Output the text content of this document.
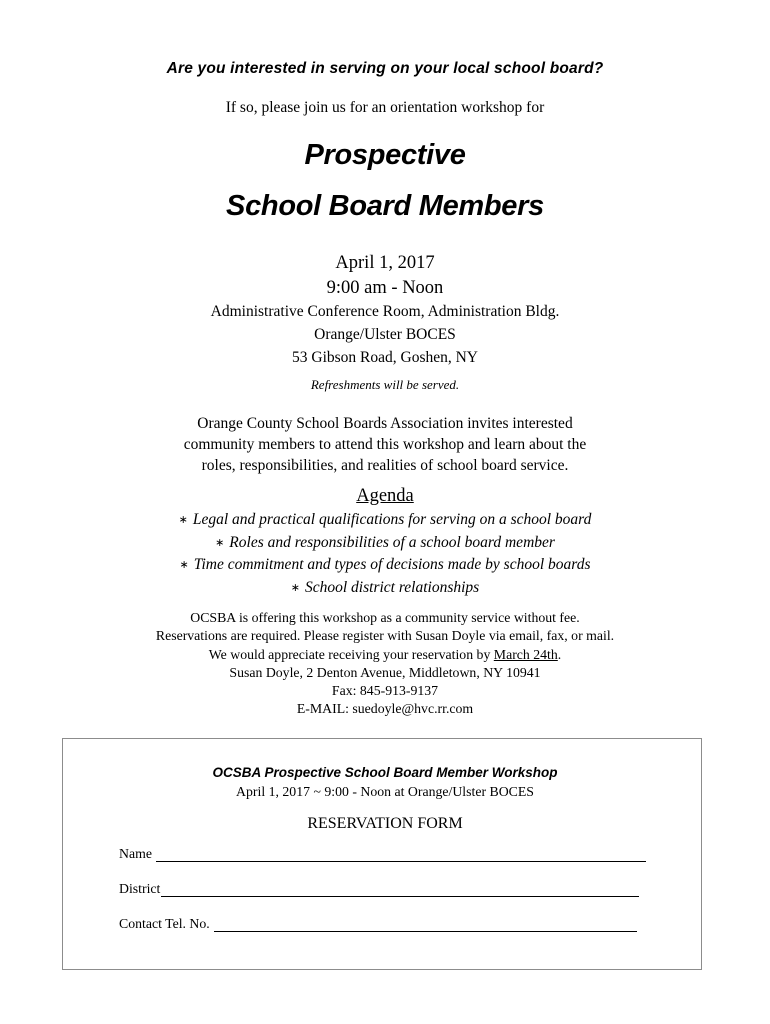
Are you interested in serving on your local school board?
If so, please join us for an orientation workshop for
Prospective
School Board Members
April 1, 2017
9:00 am - Noon
Administrative Conference Room, Administration Bldg.
Orange/Ulster BOCES
53 Gibson Road, Goshen, NY
Refreshments will be served.
Orange County School Boards Association invites interested
community members to attend this workshop and learn about the
roles, responsibilities, and realities of school board service.
Agenda
∗ Legal and practical qualifications for serving on a school board
∗ Roles and responsibilities of a school board member
∗ Time commitment and types of decisions made by school boards
∗ School district relationships
OCSBA is offering this workshop as a community service without fee.
Reservations are required. Please register with Susan Doyle via email, fax, or mail.
We would appreciate receiving your reservation by March 24th.
Susan Doyle, 2 Denton Avenue, Middletown, NY 10941
Fax: 845-913-9137
E-MAIL: suedoyle@hvc.rr.com
OCSBA Prospective School Board Member Workshop
April 1, 2017 ~ 9:00 - Noon at Orange/Ulster BOCES
RESERVATION FORM
Name
District
Contact Tel. No.
